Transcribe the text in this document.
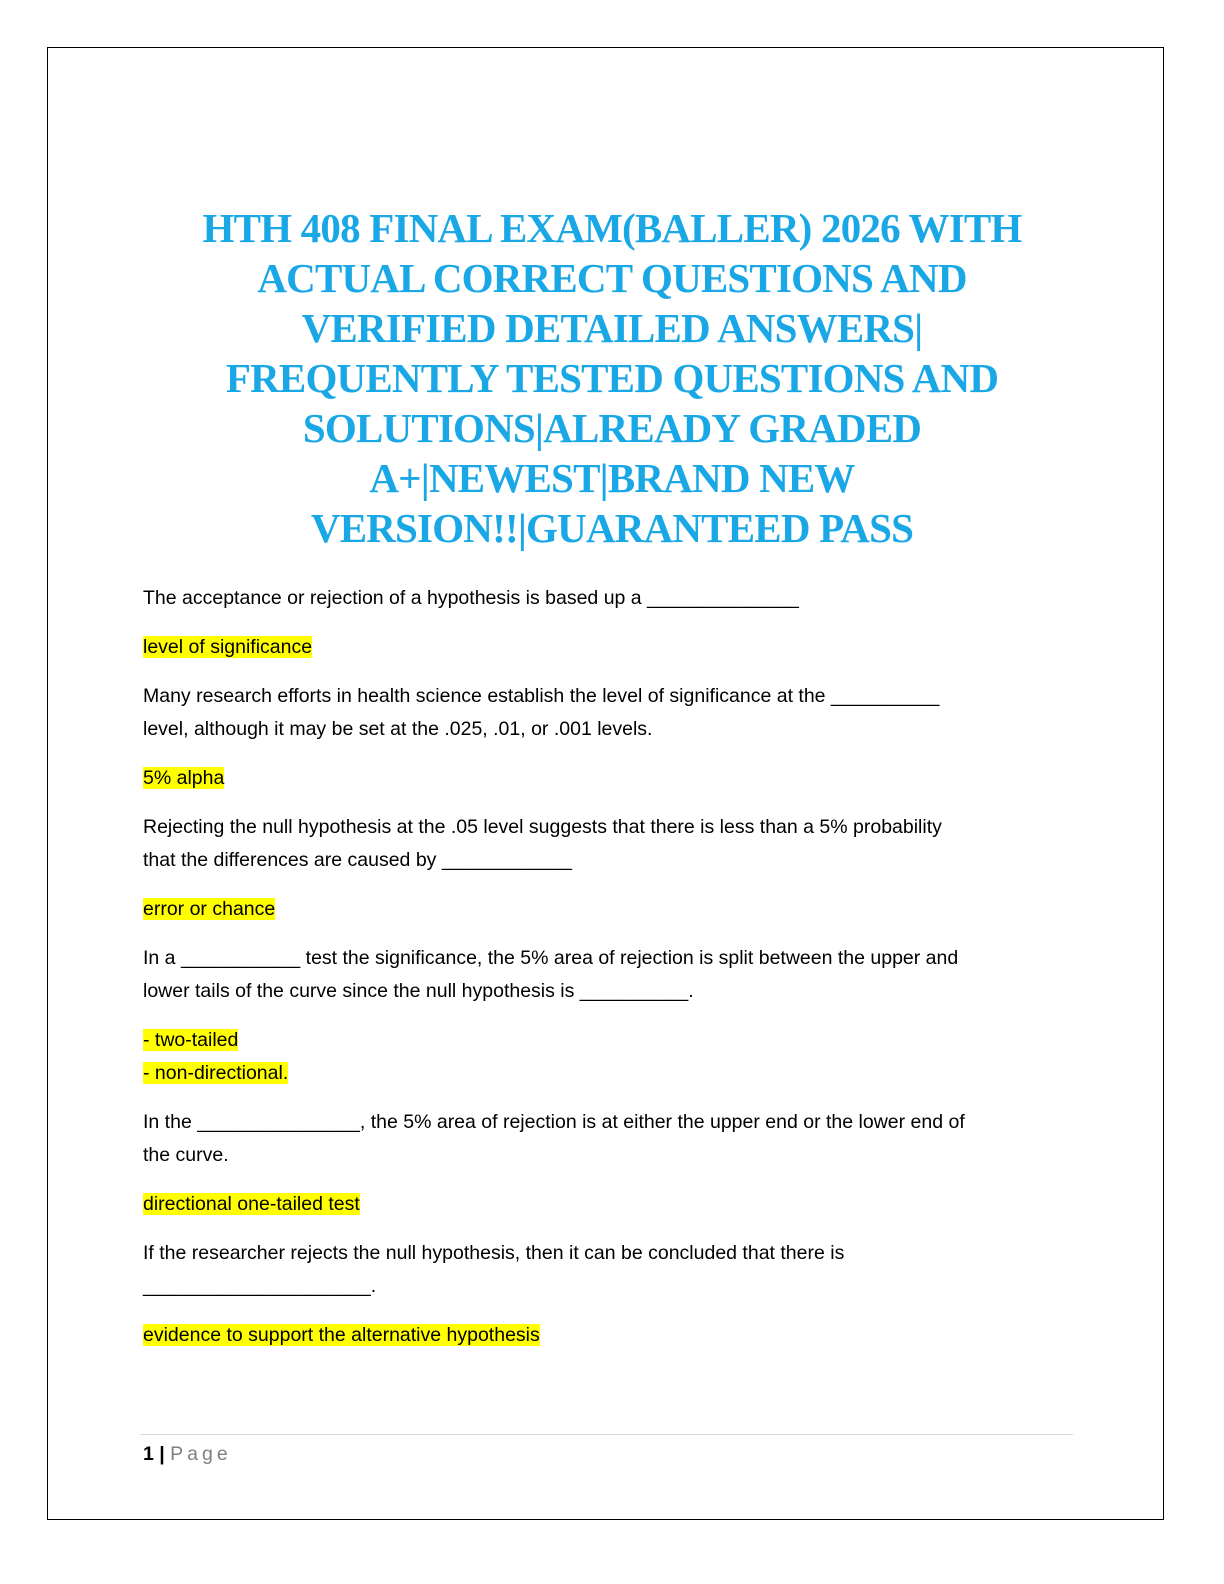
HTH 408 FINAL EXAM(BALLER) 2026 WITH
ACTUAL CORRECT QUESTIONS AND
VERIFIED DETAILED ANSWERS|
FREQUENTLY TESTED QUESTIONS AND
SOLUTIONS|ALREADY GRADED
A+|NEWEST|BRAND NEW
VERSION!!|GUARANTEED PASS

The acceptance or rejection of a hypothesis is based up a ______________

level of significance

Many research efforts in health science establish the level of significance at the __________
level, although it may be set at the .025, .01, or .001 levels.

5% alpha

Rejecting the null hypothesis at the .05 level suggests that there is less than a 5% probability
that the differences are caused by ____________

error or chance

In a ___________ test the significance, the 5% area of rejection is split between the upper and
lower tails of the curve since the null hypothesis is __________.

- two-tailed

- non-directional.

In the _______________, the 5% area of rejection is at either the upper end or the lower end of
the curve.

directional one-tailed test

If the researcher rejects the null hypothesis, then it can be concluded that there is
_____________________.

evidence to support the alternative hypothesis

1 | Page
